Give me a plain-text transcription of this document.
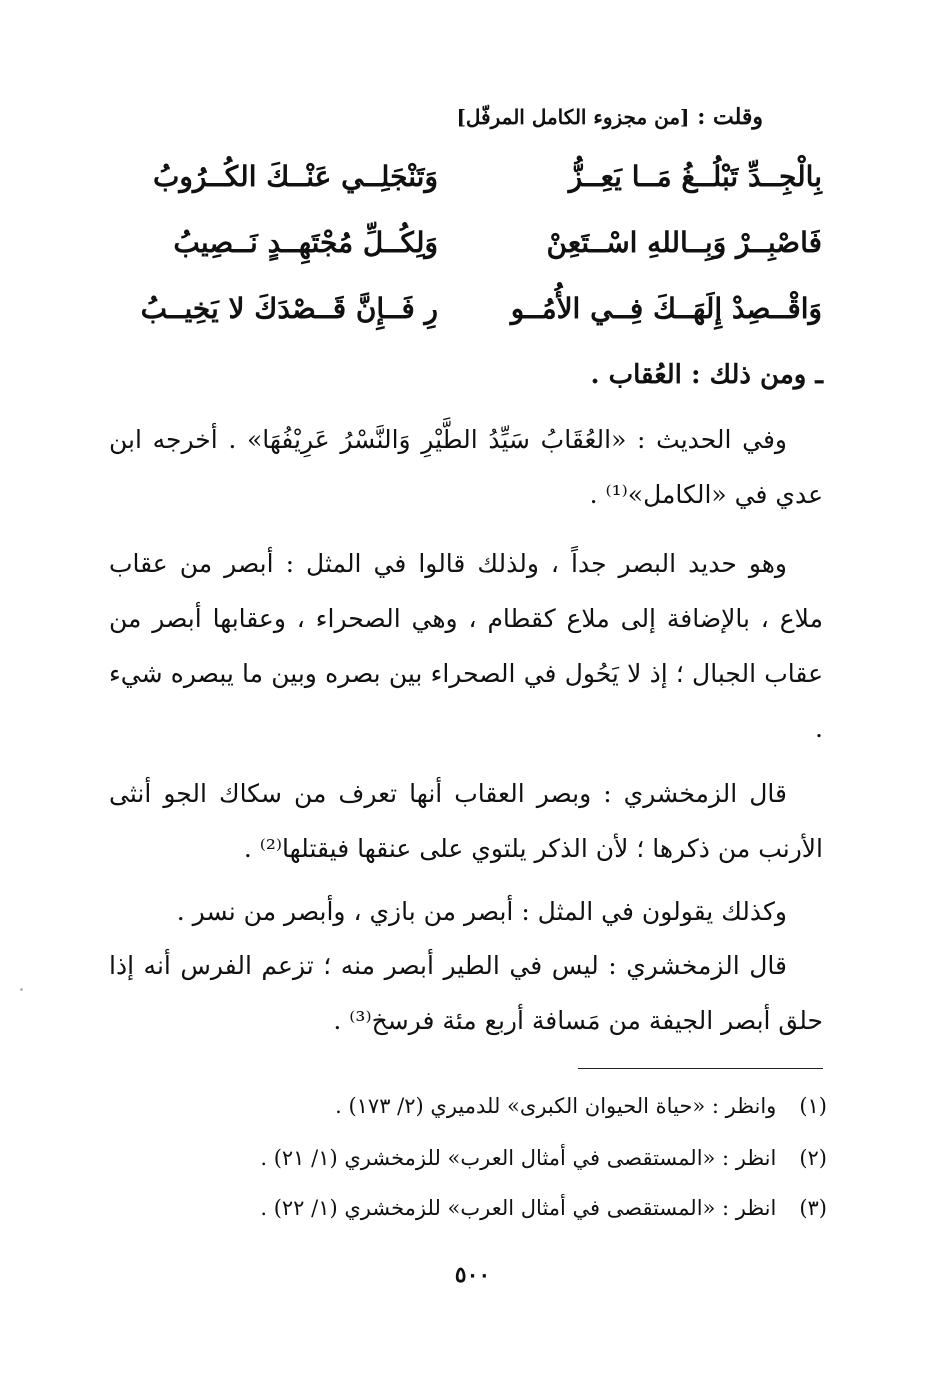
وقلت : [من مجزوء الكامل المرفّل]
بِالْجِــدِّ تَبْلُــغُ مَــا يَعِــزُّ
وَتَنْجَلِــي عَنْــكَ الكُــرُوبُ
فَاصْبِــرْ وَبِــاللهِ اسْــتَعِنْ
وَلِكُــلِّ مُجْتَهِــدٍ نَــصِيبُ
وَاقْــصِدْ إِلَهَــكَ فِــي الأُمُــو
رِ فَــإِنَّ قَــصْدَكَ لا يَخِيــبُ
ـ ومن ذلك : العُقاب .
وفي الحديث : «العُقَابُ سَيِّدُ الطَّيْرِ وَالنَّسْرُ عَرِيْفُهَا» . أخرجه ابن عدي في «الكامل»⁽¹⁾ .
وهو حديد البصر جداً ، ولذلك قالوا في المثل : أبصر من عقاب ملاع ، بالإضافة إلى ملاع كقطام ، وهي الصحراء ، وعقابها أبصر من عقاب الجبال ؛ إذ لا يَحُول في الصحراء بين بصره وبين ما يبصره شيء .
قال الزمخشري : وبصر العقاب أنها تعرف من سكاك الجو أنثى الأرنب من ذكرها ؛ لأن الذكر يلتوي على عنقها فيقتلها⁽²⁾ .
وكذلك يقولون في المثل : أبصر من بازي ، وأبصر من نسر .
قال الزمخشري : ليس في الطير أبصر منه ؛ تزعم الفرس أنه إذا حلق أبصر الجيفة من مَسافة أربع مئة فرسخ⁽³⁾ .
(١) وانظر : «حياة الحيوان الكبرى» للدميري (٢/ ١٧٣) .
(٢) انظر : «المستقصى في أمثال العرب» للزمخشري (١/ ٢١) .
(٣) انظر : «المستقصى في أمثال العرب» للزمخشري (١/ ٢٢) .
٥٠٠
